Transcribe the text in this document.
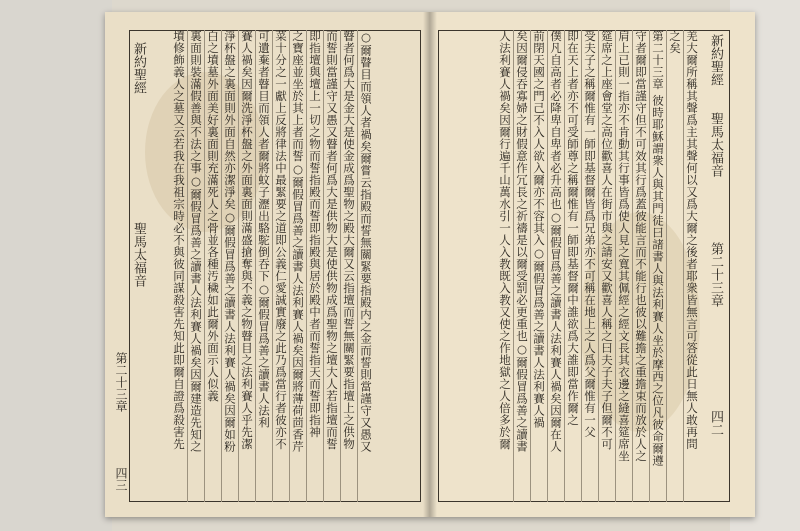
○爾瞽目而領人者禍矣爾嘗云指殿而誓無關緊要指殿内之金而誓則當謹守又愚又
瞽者何爲大是金大是使金成爲聖物之殿大爾又云指壇而誓無關緊要指壇上之供物
而誓則當謹守又愚又瞽者何爲大是供物大是使供物成爲聖物之壇大人若指壇而誓
即指壇與壇上一切之物而誓指殿而誓即指殿與居於殿中者而誓指天而誓即指神
之寶座並坐於其上者而誓○爾假冒爲善之讀書人法利賽人禍矣因爾將薄荷茴香芹
菜十分之一獻上反將律法中最緊要之道即公義仁愛誠實廢之此乃爲當行者彼亦不
可遺棄者瞽目而領人者爾將蚊子瀝出駱駝倒吞下○爾假冒爲善之讀書人法利
賽人禍矣因爾洗淨杯盤之外面裏面則滿盛搶奪與不義之物瞽目之法利賽人乎先潔
淨杯盤之裏面則外面自然亦潔淨矣○爾假冒爲善之讀書人法利賽人禍矣因爾如粉
白之墳墓外面美好裏面則充滿死人之骨並各種汚穢如此爾外面示人似義
裏面則裝滿假善與不法之事○爾假冒爲善之讀書人法利賽人禍矣因爾建造先知之
墳修飾義人之墓又云若我在我祖宗時必不與彼同謀殺害先知此即爾自證爲殺害先
新約聖經
聖馬太福音
第二十三章
四三
羌大爾所稱其聲爲主其聲何以又爲大爾之後者耶衆皆無言可答從此日無人敢再問
之矣
第二十三章 彼時耶穌謂衆人與其門徒曰諸書人與法利賽人坐於摩西之位凡彼命爾遵
守者爾即當謹守但不可效其行爲蓋彼能言而不能行也彼以難擔之重擔束而放於人之
肩上已則一指亦不肯動其行事皆爲使人見之寬其佩經之經文長其衣邊之縫喜筵席坐
筵席之上座會堂之高位歡喜人在街市與之請安又歡喜人稱之曰夫子夫子但爾不可
受夫子之稱爾惟有一師即基督爾皆爲兄弟亦不可稱在地上之人爲父爾惟有一父
即在天上者亦不可受師尊之稱爾惟有一師即基督爾中誰欲爲大誰即當作爾之
僕凡自高者必降卑自卑者必升高也○爾假冒爲善之讀書人法利賽人禍矣因爾在人
前閉天國之門己不入人欲入爾亦不容其入○爾假冒爲善之讀書人法利賽人禍
矣因爾侵吞寡婦之財假意作冗長之祈禱是以爾受罰必更重也○爾假冒爲善之讀書
人法利賽人禍矣因爾行遍千山萬水引一人入教既入教又使之作地獄之人倍多於爾	新約聖經
聖馬太福音
第二十三章
四二
